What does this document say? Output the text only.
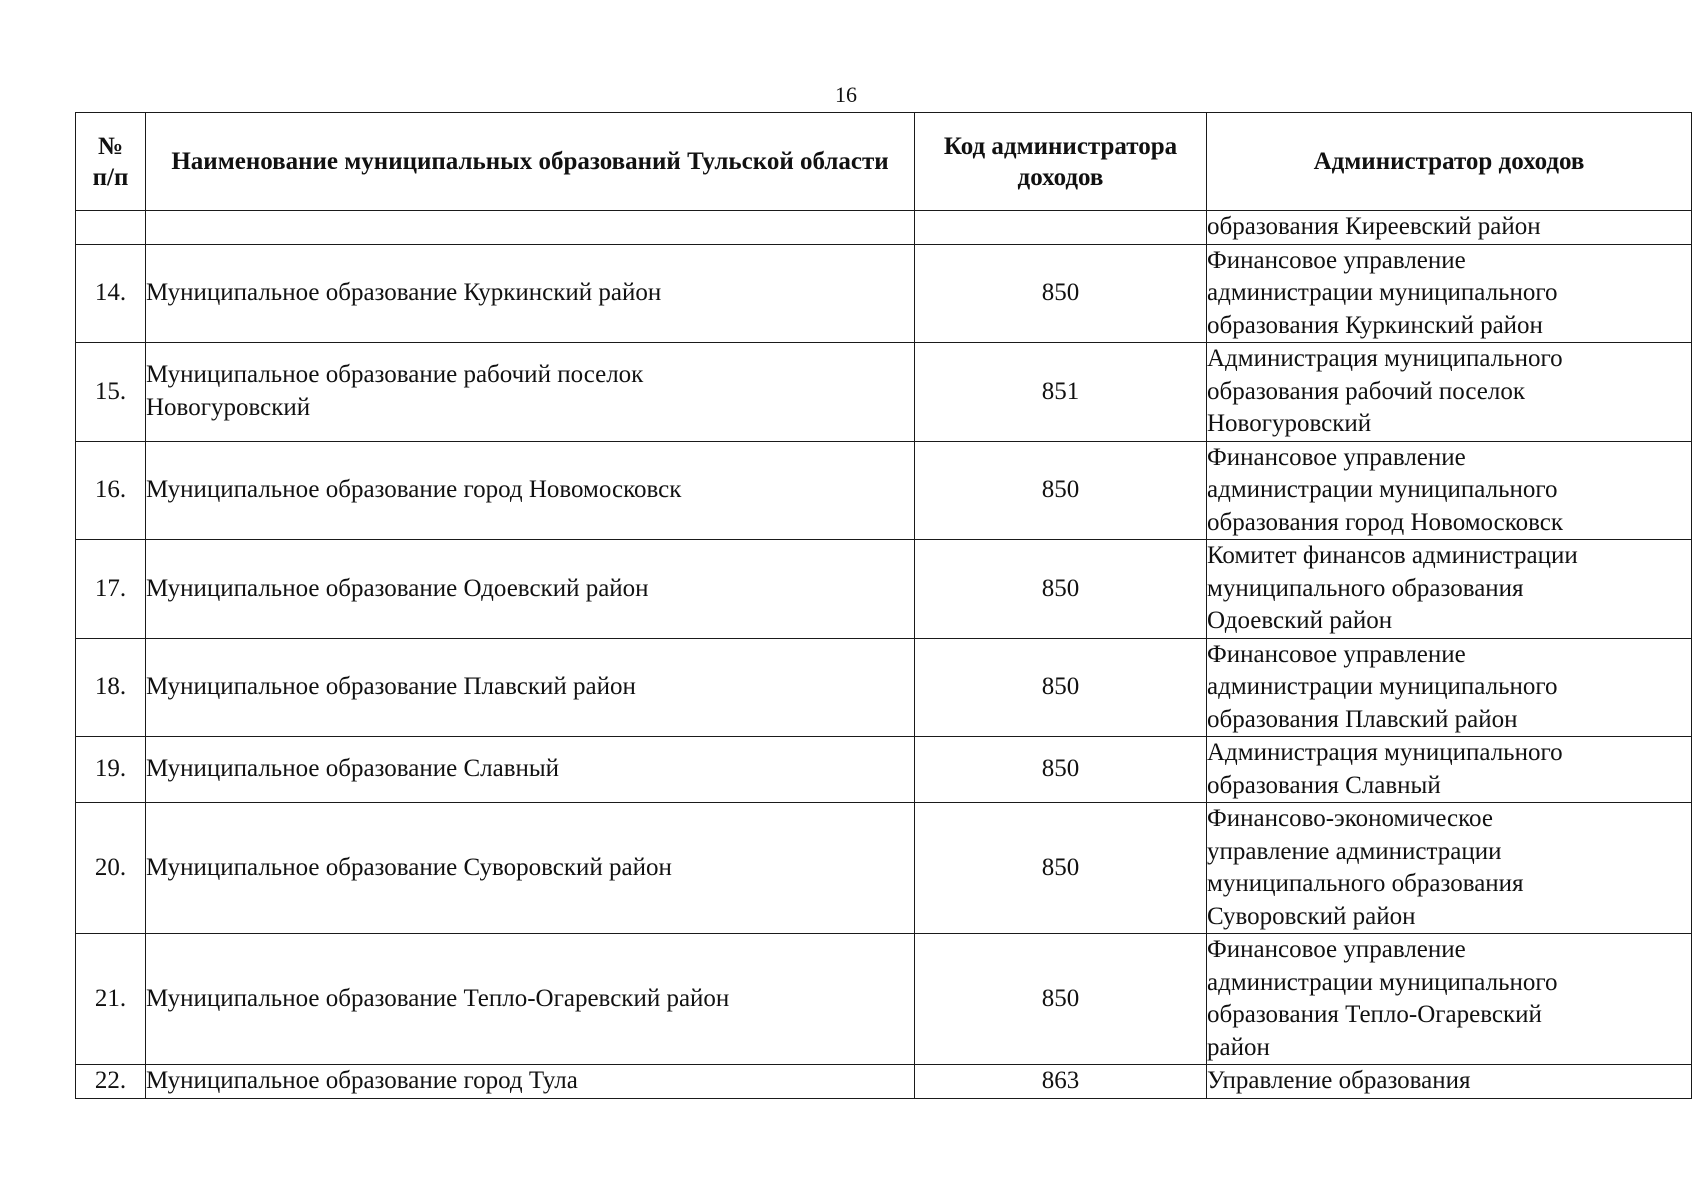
16
№
п/п	Наименование муниципальных образований Тульской области	Код администратора доходов	Администратор доходов
			образования Киреевский район
14.	Муниципальное образование Куркинский район	850	Финансовое управление
администрации муниципального
образования Куркинский район
15.	Муниципальное образование рабочий поселок Новогуровский	851	Администрация муниципального
образования рабочий поселок
Новогуровский
16.	Муниципальное образование город Новомосковск	850	Финансовое управление
администрации муниципального
образования город Новомосковск
17.	Муниципальное образование Одоевский район	850	Комитет финансов администрации
муниципального образования
Одоевский район
18.	Муниципальное образование Плавский район	850	Финансовое управление
администрации муниципального
образования Плавский район
19.	Муниципальное образование Славный	850	Администрация муниципального
образования Славный
20.	Муниципальное образование Суворовский район	850	Финансово-экономическое
управление администрации
муниципального образования
Суворовский район
21.	Муниципальное образование Тепло-Огаревский район	850	Финансовое управление
администрации муниципального
образования Тепло-Огаревский
район
22.	Муниципальное образование город Тула	863	Управление образования
